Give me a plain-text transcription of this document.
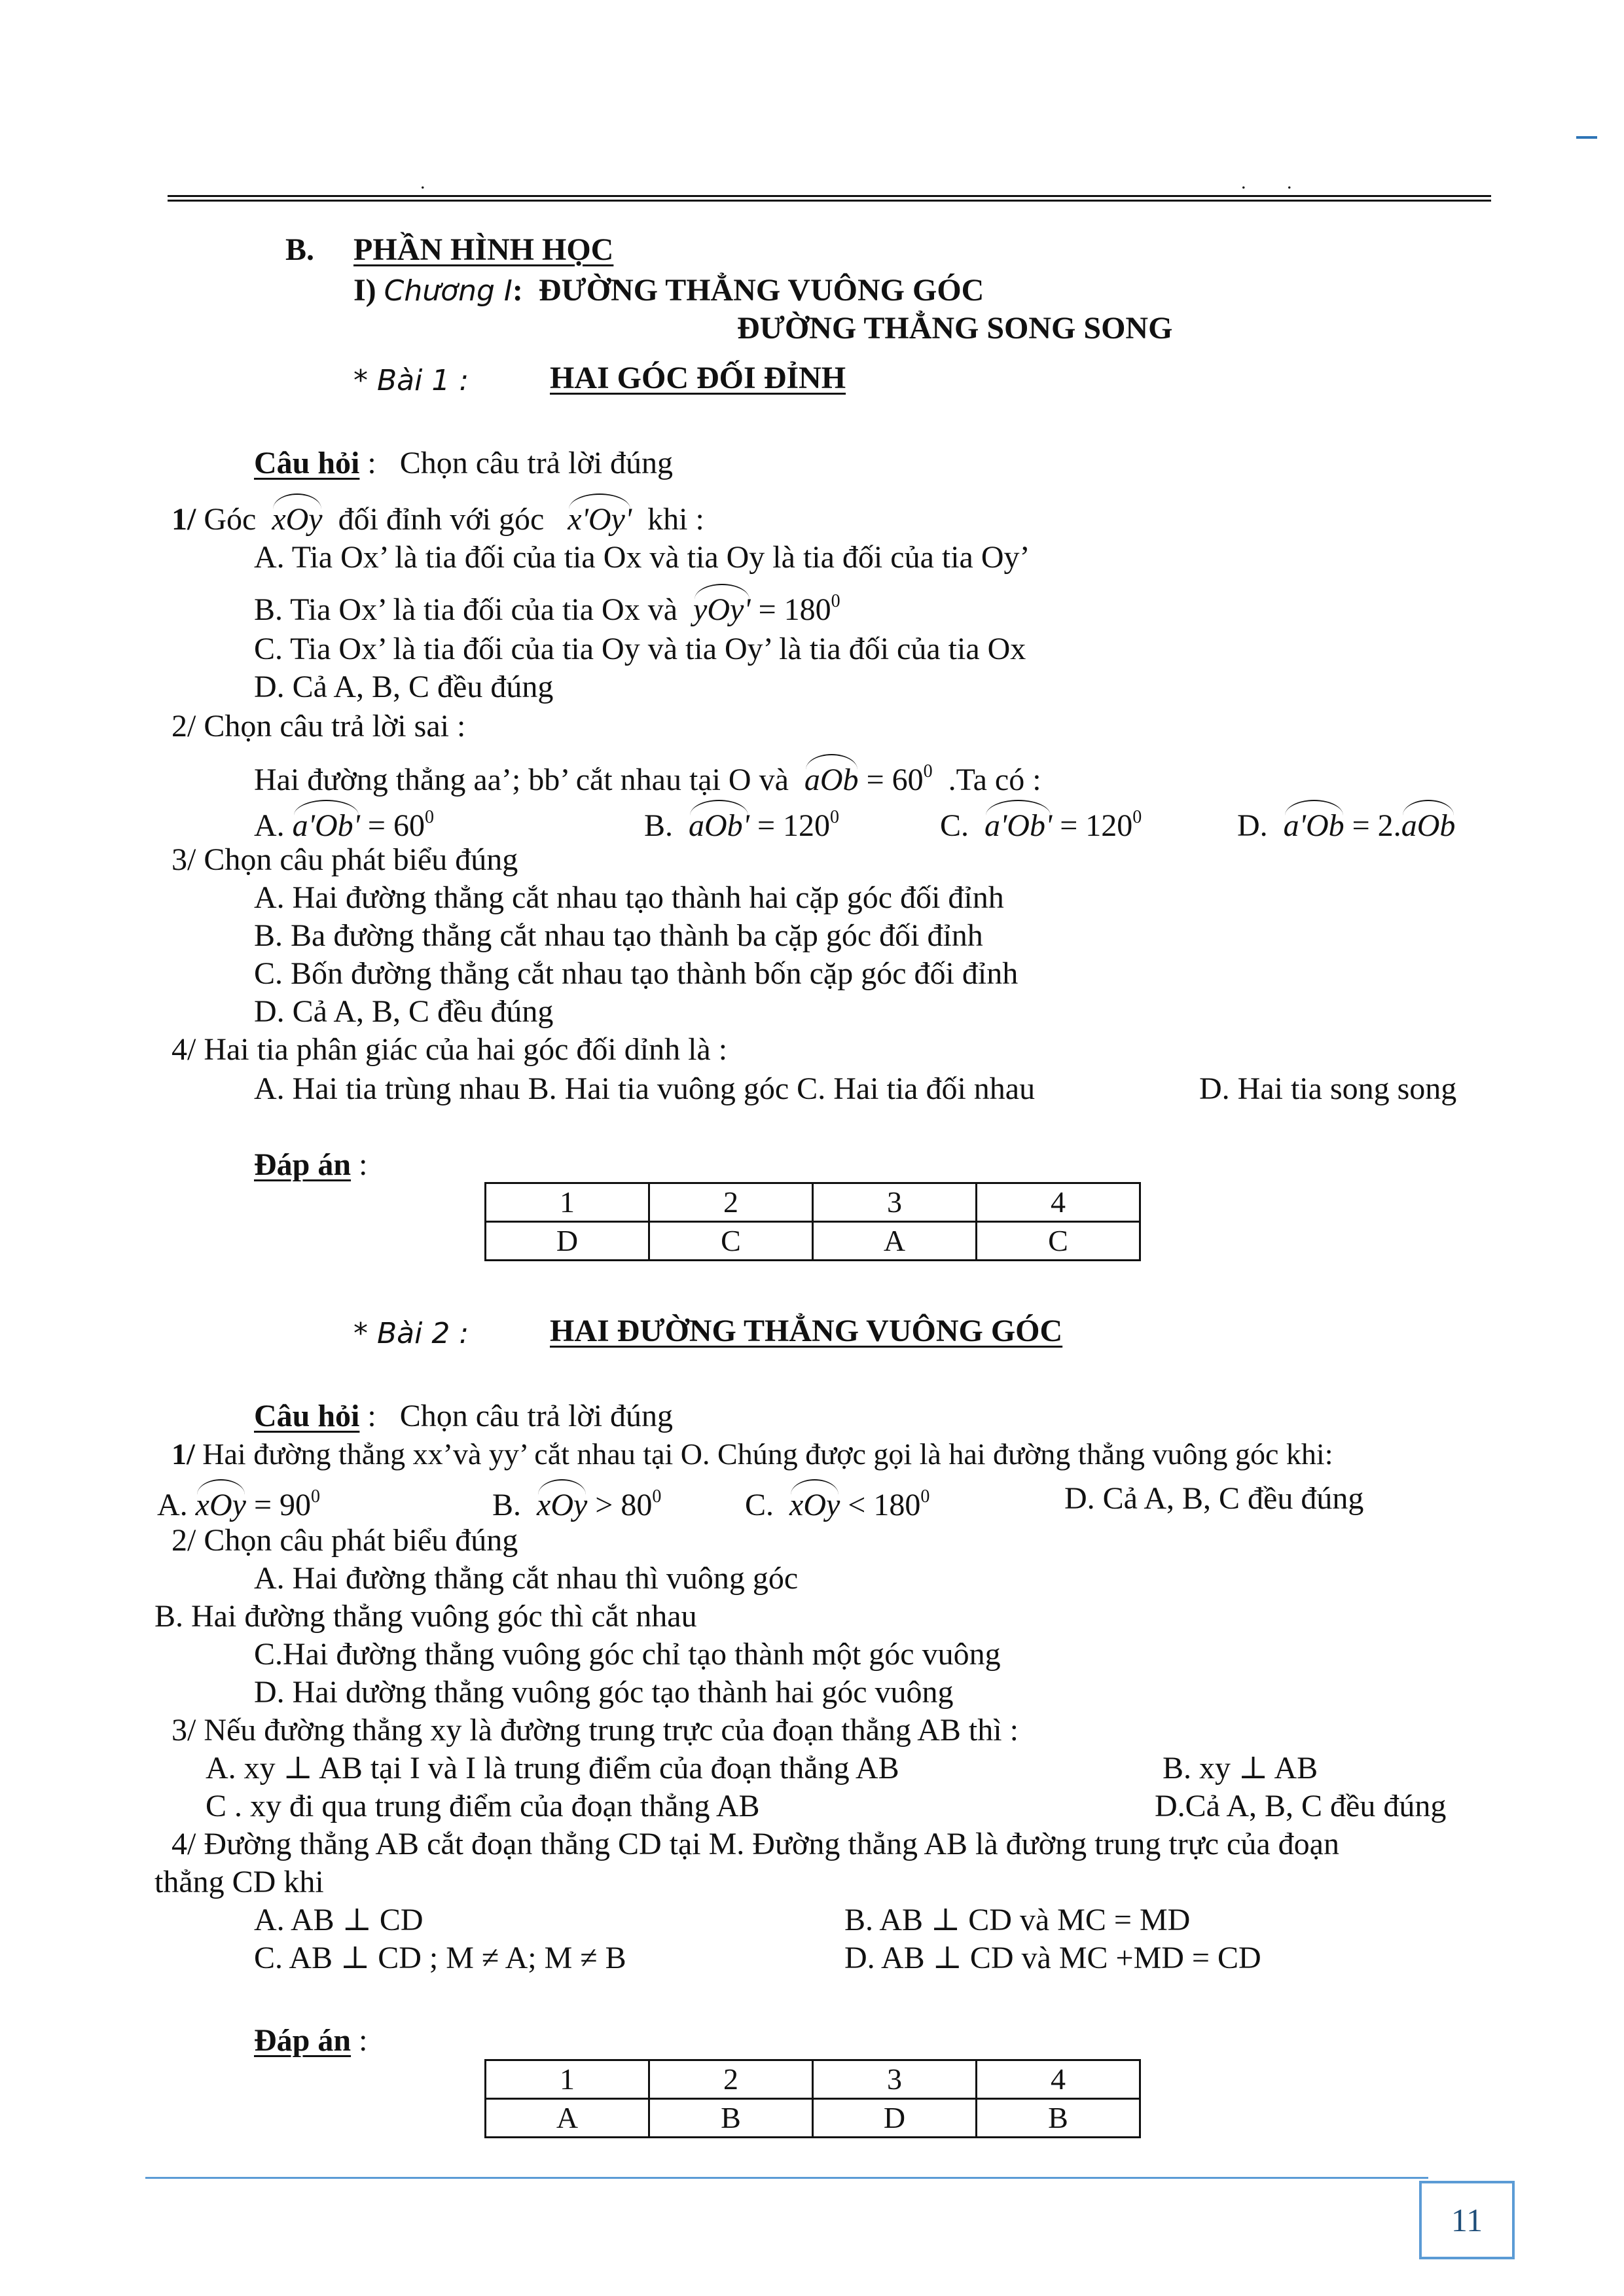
.	. .
B. PHẦN HÌNH HỌC
I) Chương I: ĐƯỜNG THẲNG VUÔNG GÓC
ĐƯỜNG THẲNG SONG SONG
* Bài 1 :	HAI GÓC ĐỐI ĐỈNH
Câu hỏi : Chọn câu trả lời đúng
1/ Góc xOy đối đỉnh với góc x'Oy' khi :
A. Tia Ox’ là tia đối của tia Ox và tia Oy là tia đối của tia Oy’
B. Tia Ox’ là tia đối của tia Ox và $yOy' = 180^0$
C. Tia Ox’ là tia đối của tia Oy và tia Oy’ là tia đối của tia Ox
D. Cả A, B, C đều đúng
2/ Chọn câu trả lời sai :
Hai đường thẳng aa’; bb’ cắt nhau tại O và aOb = $60^0$ .Ta có :
A. $a'Ob' = 60^0$	B. $aOb' = 120^0$	C. $a'Ob' = 120^0$	D. a'Ob = 2.aOb
3/ Chọn câu phát biểu đúng
A. Hai đường thẳng cắt nhau tạo thành hai cặp góc đối đỉnh
B. Ba đường thẳng cắt nhau tạo thành ba cặp góc đối đỉnh
C. Bốn đường thẳng cắt nhau tạo thành bốn cặp góc đối đỉnh
D. Cả A, B, C đều đúng
4/ Hai tia phân giác của hai góc đối dỉnh là :
A. Hai tia trùng nhau B. Hai tia vuông góc C. Hai tia đối nhau	D. Hai tia song song
Đáp án :
1	2	3	4
D	C	A	C
* Bài 2 :	HAI ĐƯỜNG THẲNG VUÔNG GÓC
Câu hỏi : Chọn câu trả lời đúng
1/ Hai đường thẳng xx’và yy’ cắt nhau tại O. Chúng được gọi là hai đường thẳng vuông góc khi:
A. xOy = $90^0$	B. xOy > $80^0$	C. xOy < $180^0$	D. Cả A, B, C đều đúng
2/ Chọn câu phát biểu đúng
A. Hai đường thẳng cắt nhau thì vuông góc
B. Hai đường thẳng vuông góc thì cắt nhau
C.Hai đường thẳng vuông góc chỉ tạo thành một góc vuông
D. Hai dường thẳng vuông góc tạo thành hai góc vuông
3/ Nếu đường thẳng xy là đường trung trực của đoạn thẳng AB thì :
A. xy ⊥ AB tại I và I là trung điểm của đoạn thẳng AB	B. xy ⊥ AB
C . xy đi qua trung điểm của đoạn thẳng AB	D.Cả A, B, C đều đúng
4/ Đường thẳng AB cắt đoạn thẳng CD tại M. Đường thẳng AB là đường trung trực của đoạn
thẳng CD khi
A. AB ⊥ CD	B. AB ⊥ CD và MC = MD
C. AB ⊥ CD ; M ≠ A; M ≠ B	D. AB ⊥ CD và MC +MD = CD
Đáp án :
1	2	3	4
A	B	D	B
11
